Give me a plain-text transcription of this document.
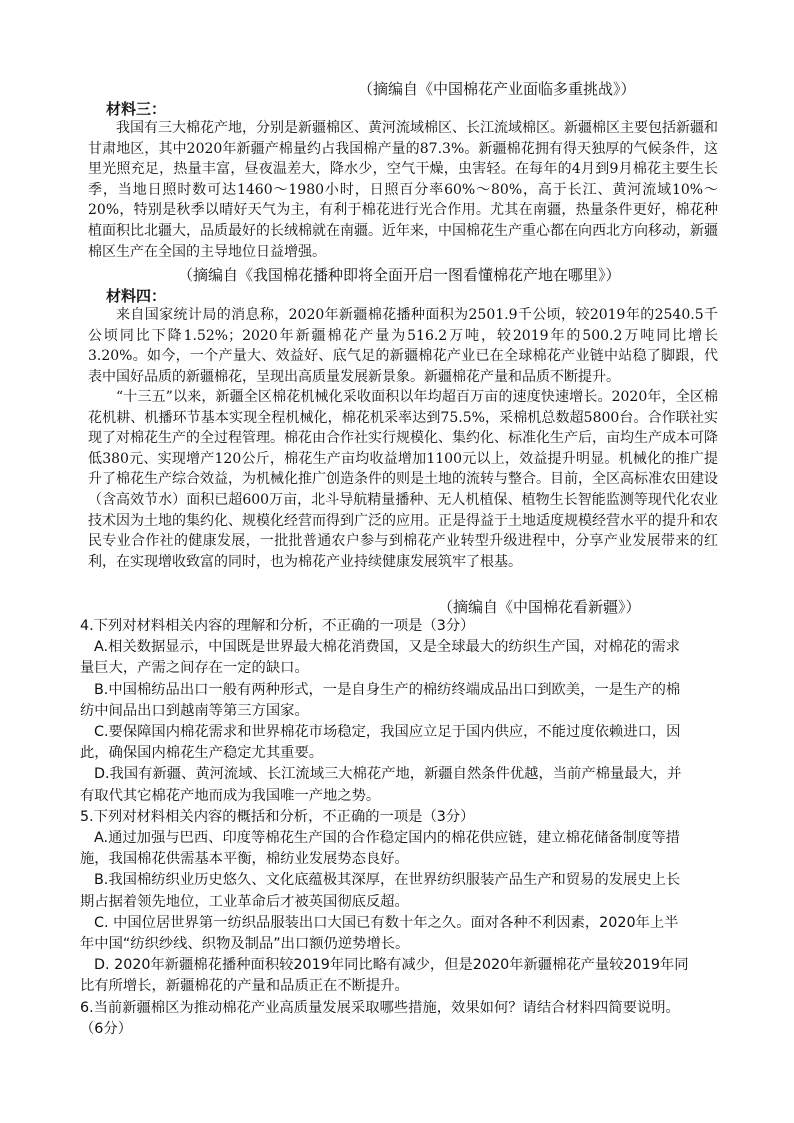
（摘编自《中国棉花产业面临多重挑战》）
材料三：

我国有三大棉花产地，分别是新疆棉区、黄河流域棉区、长江流域棉区。新疆棉区主要包括新疆和甘肃地区，其中2020年新疆产棉量约占我国棉产量的87.3%。新疆棉花拥有得天独厚的气候条件，这里光照充足，热量丰富，昼夜温差大，降水少，空气干燥，虫害轻。在每年的4月到9月棉花主要生长季，当地日照时数可达1460～1980小时，日照百分率60%～80%，高于长江、黄河流域10%～20%，特别是秋季以晴好天气为主，有利于棉花进行光合作用。尤其在南疆，热量条件更好，棉花种植面积比北疆大，品质最好的长绒棉就在南疆。近年来，中国棉花生产重心都在向西北方向移动，新疆棉区生产在全国的主导地位日益增强。

（摘编自《我国棉花播种即将全面开启一图看懂棉花产地在哪里》）
材料四：

来自国家统计局的消息称，2020年新疆棉花播种面积为2501.9千公顷，较2019年的2540.5千公顷同比下降1.52%；2020年新疆棉花产量为516.2万吨，较2019年的500.2万吨同比增长3.20%。如今，一个产量大、效益好、底气足的新疆棉花产业已在全球棉花产业链中站稳了脚跟，代表中国好品质的新疆棉花，呈现出高质量发展新景象。新疆棉花产量和品质不断提升。

“十三五”以来，新疆全区棉花机械化采收面积以年均超百万亩的速度快速增长。2020年，全区棉花机耕、机播环节基本实现全程机械化，棉花机采率达到75.5%，采棉机总数超5800台。合作联社实现了对棉花生产的全过程管理。棉花由合作社实行规模化、集约化、标准化生产后，亩均生产成本可降低380元、实现增产120公斤，棉花生产亩均收益增加1100元以上，效益提升明显。机械化的推广提升了棉花生产综合效益，为机械化推广创造条件的则是土地的流转与整合。目前，全区高标准农田建设（含高效节水）面积已超600万亩，北斗导航精量播种、无人机植保、植物生长智能监测等现代化农业技术因为土地的集约化、规模化经营而得到广泛的应用。正是得益于土地适度规模经营水平的提升和农民专业合作社的健康发展，一批批普通农户参与到棉花产业转型升级进程中，分享产业发展带来的红利，在实现增收致富的同时，也为棉花产业持续健康发展筑牢了根基。

（摘编自《中国棉花看新疆》）
4.下列对材料相关内容的理解和分析，不正确的一项是（3分）
A.相关数据显示，中国既是世界最大棉花消费国，又是全球最大的纺织生产国，对棉花的需求
量巨大，产需之间存在一定的缺口。
B.中国棉纺品出口一般有两种形式，一是自身生产的棉纺终端成品出口到欧美，一是生产的棉
纺中间品出口到越南等第三方国家。
C.要保障国内棉花需求和世界棉花市场稳定，我国应立足于国内供应，不能过度依赖进口，因
此，确保国内棉花生产稳定尤其重要。
D.我国有新疆、黄河流域、长江流域三大棉花产地，新疆自然条件优越，当前产棉量最大，并
有取代其它棉花产地而成为我国唯一产地之势。
5.下列对材料相关内容的概括和分析，不正确的一项是（3分）
A.通过加强与巴西、印度等棉花生产国的合作稳定国内的棉花供应链，建立棉花储备制度等措
施，我国棉花供需基本平衡，棉纺业发展势态良好。
B.我国棉纺织业历史悠久、文化底蕴极其深厚，在世界纺织服装产品生产和贸易的发展史上长
期占据着领先地位，工业革命后才被英国彻底反超。
C. 中国位居世界第一纺织品服装出口大国已有数十年之久。面对各种不利因素，2020年上半
年中国“纺织纱线、织物及制品”出口额仍逆势增长。
D. 2020年新疆棉花播种面积较2019年同比略有减少，但是2020年新疆棉花产量较2019年同
比有所增长，新疆棉花的产量和品质正在不断提升。
6.当前新疆棉区为推动棉花产业高质量发展采取哪些措施，效果如何？请结合材料四简要说明。
（6分）
